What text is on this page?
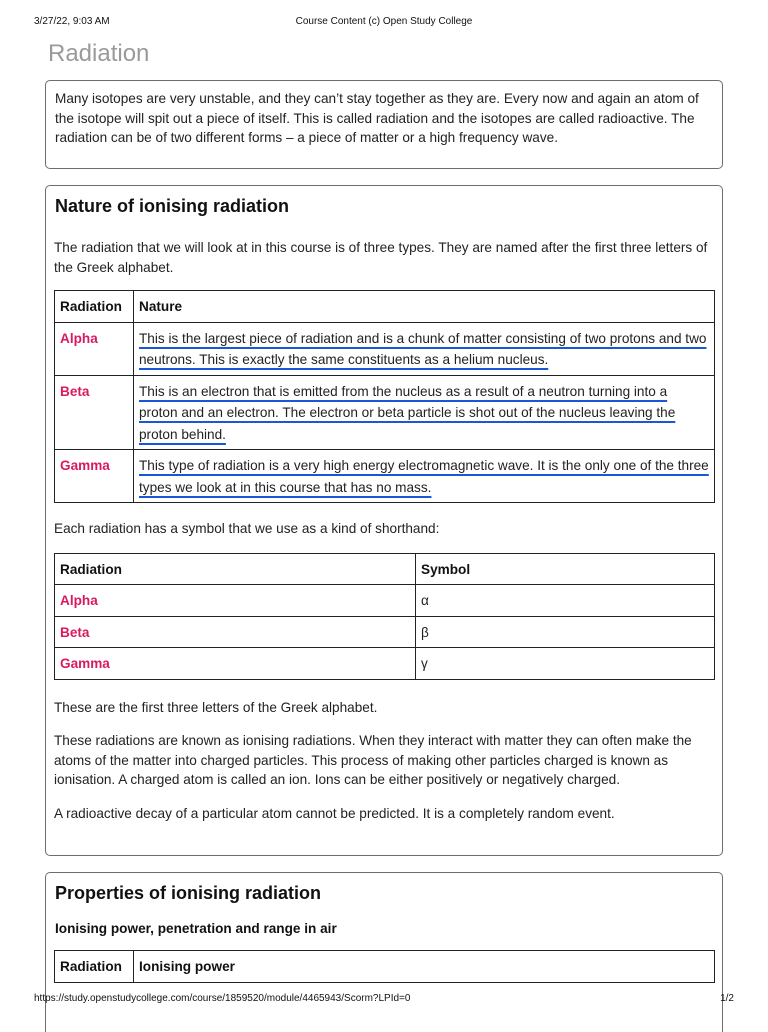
3/27/22, 9:03 AM	Course Content (c) Open Study College
Radiation

Many isotopes are very unstable, and they can’t stay together as they are. Every now and again an atom of the isotope will spit out a piece of itself. This is called radiation and the isotopes are called radioactive. The radiation can be of two different forms – a piece of matter or a high frequency wave.

Nature of ionising radiation

The radiation that we will look at in this course is of three types. They are named after the first three letters of the Greek alphabet.

Radiation	Nature
Alpha	This is the largest piece of radiation and is a chunk of matter consisting of two protons and two neutrons. This is exactly the same constituents as a helium nucleus.
Beta	This is an electron that is emitted from the nucleus as a result of a neutron turning into a proton and an electron. The electron or beta particle is shot out of the nucleus leaving the proton behind.
Gamma	This type of radiation is a very high energy electromagnetic wave. It is the only one of the three types we look at in this course that has no mass.

Each radiation has a symbol that we use as a kind of shorthand:

Radiation	Symbol
Alpha	α
Beta	β
Gamma	γ

These are the first three letters of the Greek alphabet.

These radiations are known as ionising radiations. When they interact with matter they can often make the atoms of the matter into charged particles. This process of making other particles charged is known as ionisation. A charged atom is called an ion. Ions can be either positively or negatively charged.

A radioactive decay of a particular atom cannot be predicted. It is a completely random event.

Properties of ionising radiation
Ionising power, penetration and range in air
Radiation	Ionising power
https://study.openstudycollege.com/course/1859520/module/4465943/Scorm?LPId=0	1/2
